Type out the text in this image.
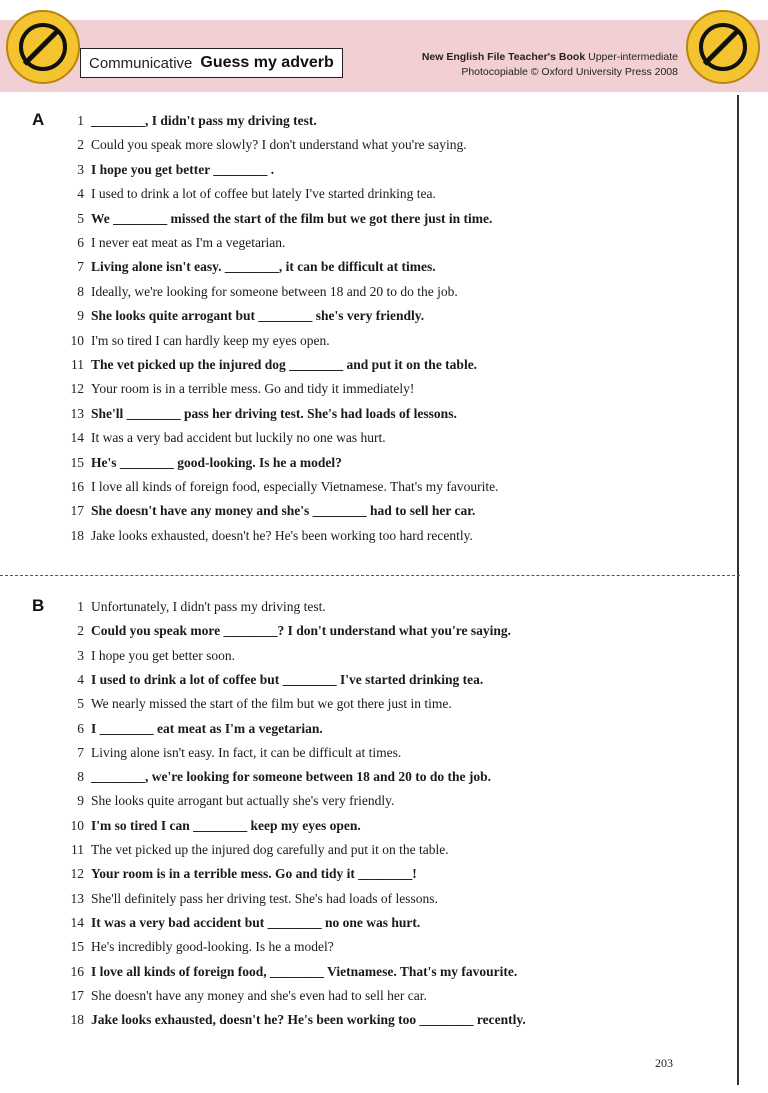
Communicative Guess my adverb	New English File Teacher's Book Upper-intermediate
Photocopiable © Oxford University Press 2008
A	1 ________, I didn't pass my driving test.
2 Could you speak more slowly? I don't understand what you're saying.
3 I hope you get better ________ .
4 I used to drink a lot of coffee but lately I've started drinking tea.
5 We ________ missed the start of the film but we got there just in time.
6 I never eat meat as I'm a vegetarian.
7 Living alone isn't easy. ________, it can be difficult at times.
8 Ideally, we're looking for someone between 18 and 20 to do the job.
9 She looks quite arrogant but ________ she's very friendly.
10 I'm so tired I can hardly keep my eyes open.
11 The vet picked up the injured dog ________ and put it on the table.
12 Your room is in a terrible mess. Go and tidy it immediately!
13 She'll ________ pass her driving test. She's had loads of lessons.
14 It was a very bad accident but luckily no one was hurt.
15 He's ________ good-looking. Is he a model?
16 I love all kinds of foreign food, especially Vietnamese. That's my favourite.
17 She doesn't have any money and she's ________ had to sell her car.
18 Jake looks exhausted, doesn't he? He's been working too hard recently.
B	1 Unfortunately, I didn't pass my driving test.
2 Could you speak more ________? I don't understand what you're saying.
3 I hope you get better soon.
4 I used to drink a lot of coffee but ________ I've started drinking tea.
5 We nearly missed the start of the film but we got there just in time.
6 I ________ eat meat as I'm a vegetarian.
7 Living alone isn't easy. In fact, it can be difficult at times.
8 ________, we're looking for someone between 18 and 20 to do the job.
9 She looks quite arrogant but actually she's very friendly.
10 I'm so tired I can ________ keep my eyes open.
11 The vet picked up the injured dog carefully and put it on the table.
12 Your room is in a terrible mess. Go and tidy it ________!
13 She'll definitely pass her driving test. She's had loads of lessons.
14 It was a very bad accident but ________ no one was hurt.
15 He's incredibly good-looking. Is he a model?
16 I love all kinds of foreign food, ________ Vietnamese. That's my favourite.
17 She doesn't have any money and she's even had to sell her car.
18 Jake looks exhausted, doesn't he? He's been working too ________ recently.
203
